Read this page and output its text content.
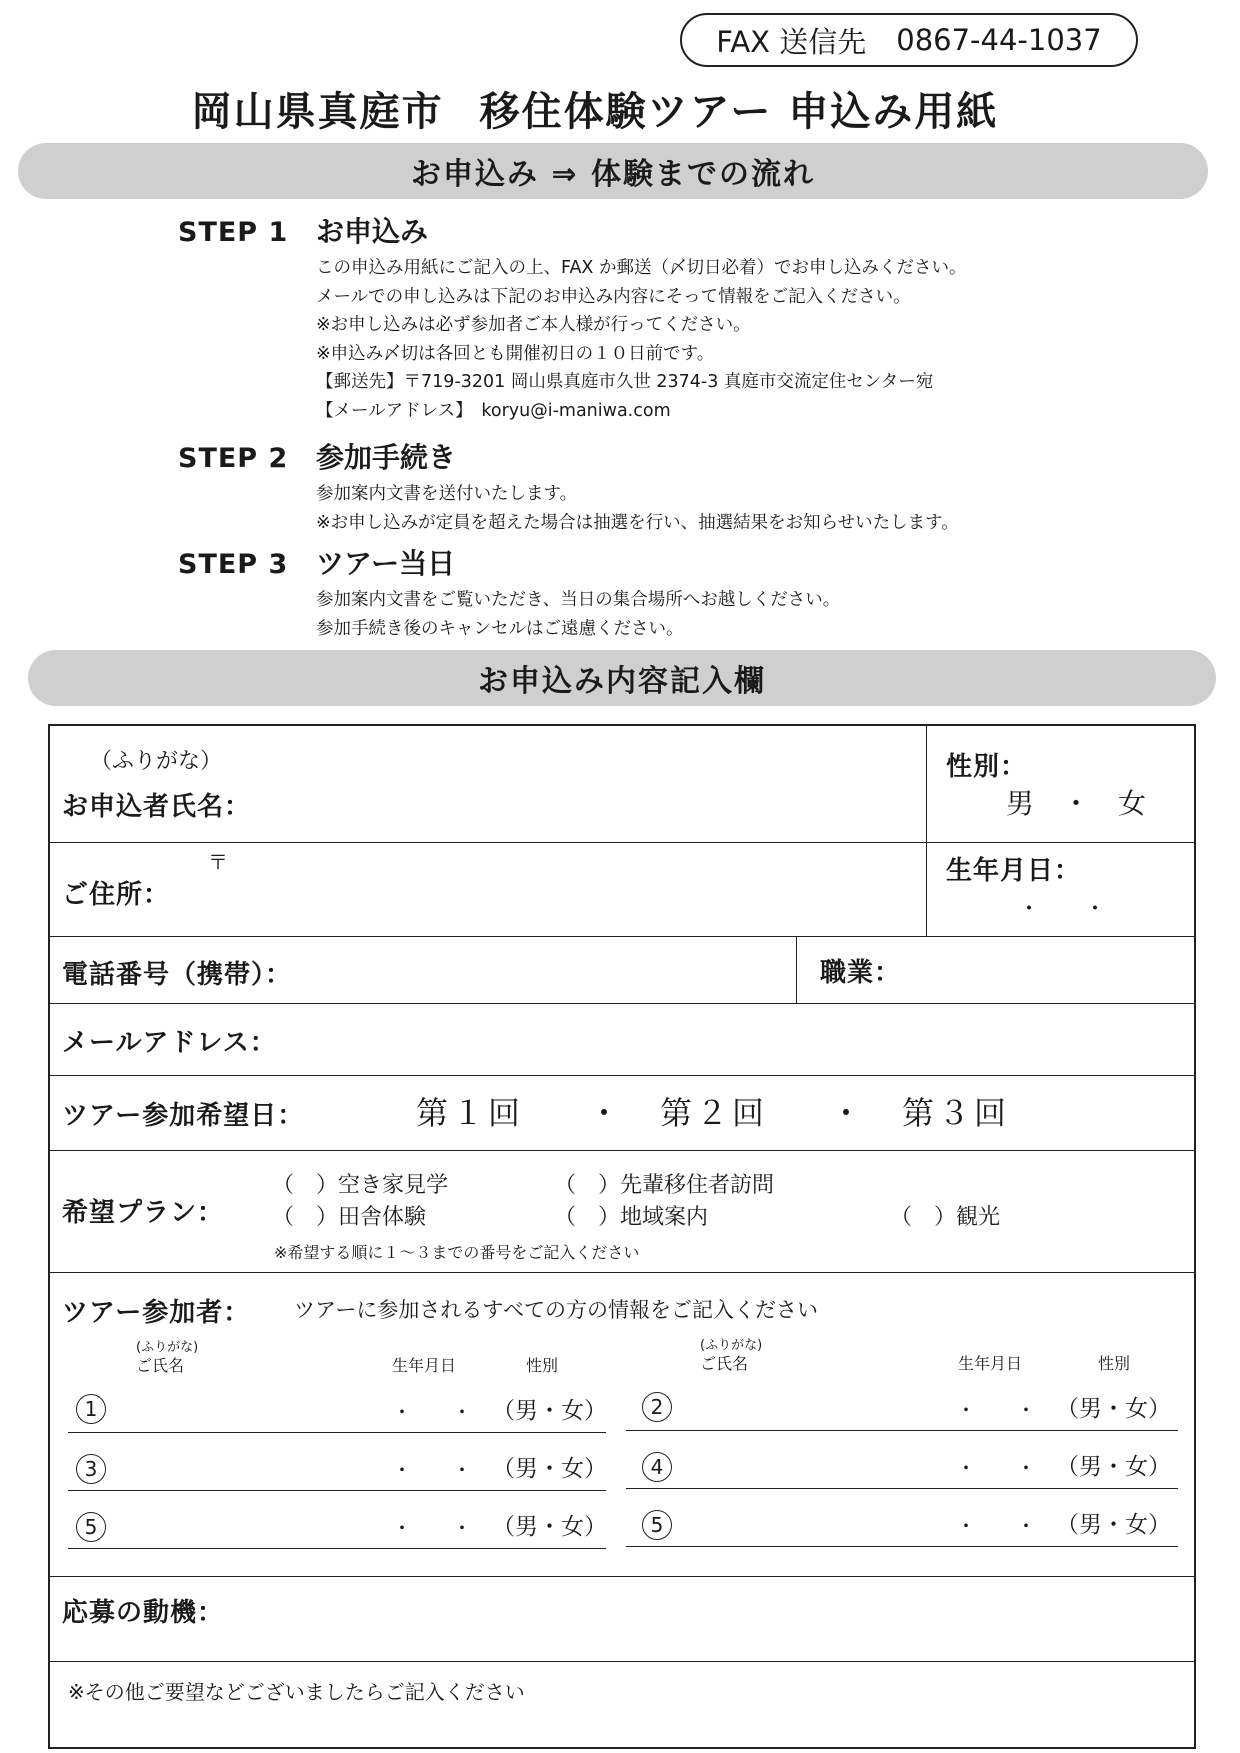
FAX 送信先 0867-44-1037
岡山県真庭市 移住体験ツアー 申込み用紙
お申込み ⇒ 体験までの流れ
STEP 1 お申込み
この申込み用紙にご記入の上、FAX か郵送（〆切日必着）でお申し込みください。
メールでの申し込みは下記のお申込み内容にそって情報をご記入ください。
※お申し込みは必ず参加者ご本人様が行ってください。
※申込み〆切は各回とも開催初日の１０日前です。
【郵送先】〒719-3201 岡山県真庭市久世 2374-3 真庭市交流定住センター宛
【メールアドレス】　koryu@i-maniwa.com
STEP 2 参加手続き
参加案内文書を送付いたします。
※お申し込みが定員を超えた場合は抽選を行い、抽選結果をお知らせいたします。
STEP 3 ツアー当日
参加案内文書をご覧いただき、当日の集合場所へお越しください。
参加手続き後のキャンセルはご遠慮ください。
お申込み内容記入欄
（ふりがな）
お申込者氏名：
性別：
男　・　女
〒
ご住所：
生年月日：
・　　・
電話番号（携帯）：	職業：
メールアドレス：
ツアー参加希望日：	第１回 ・ 第２回 ・ 第３回
希望プラン：
（　）空き家見学	（　）先輩移住者訪問
（　）田舎体験	（　）地域案内	（　）観光
※希望する順に１～３までの番号をご記入ください
ツアー参加者： ツアーに参加されるすべての方の情報をご記入ください
(ふりがな)
ご氏名	生年月日	性別
(ふりがな)
ご氏名	生年月日	性別
1	・　　・ （男・女）
3	・　　・ （男・女）
5	・　　・ （男・女）
2	・　　・ （男・女）
4	・　　・ （男・女）
5	・　　・ （男・女）
応募の動機：
※その他ご要望などございましたらご記入ください
